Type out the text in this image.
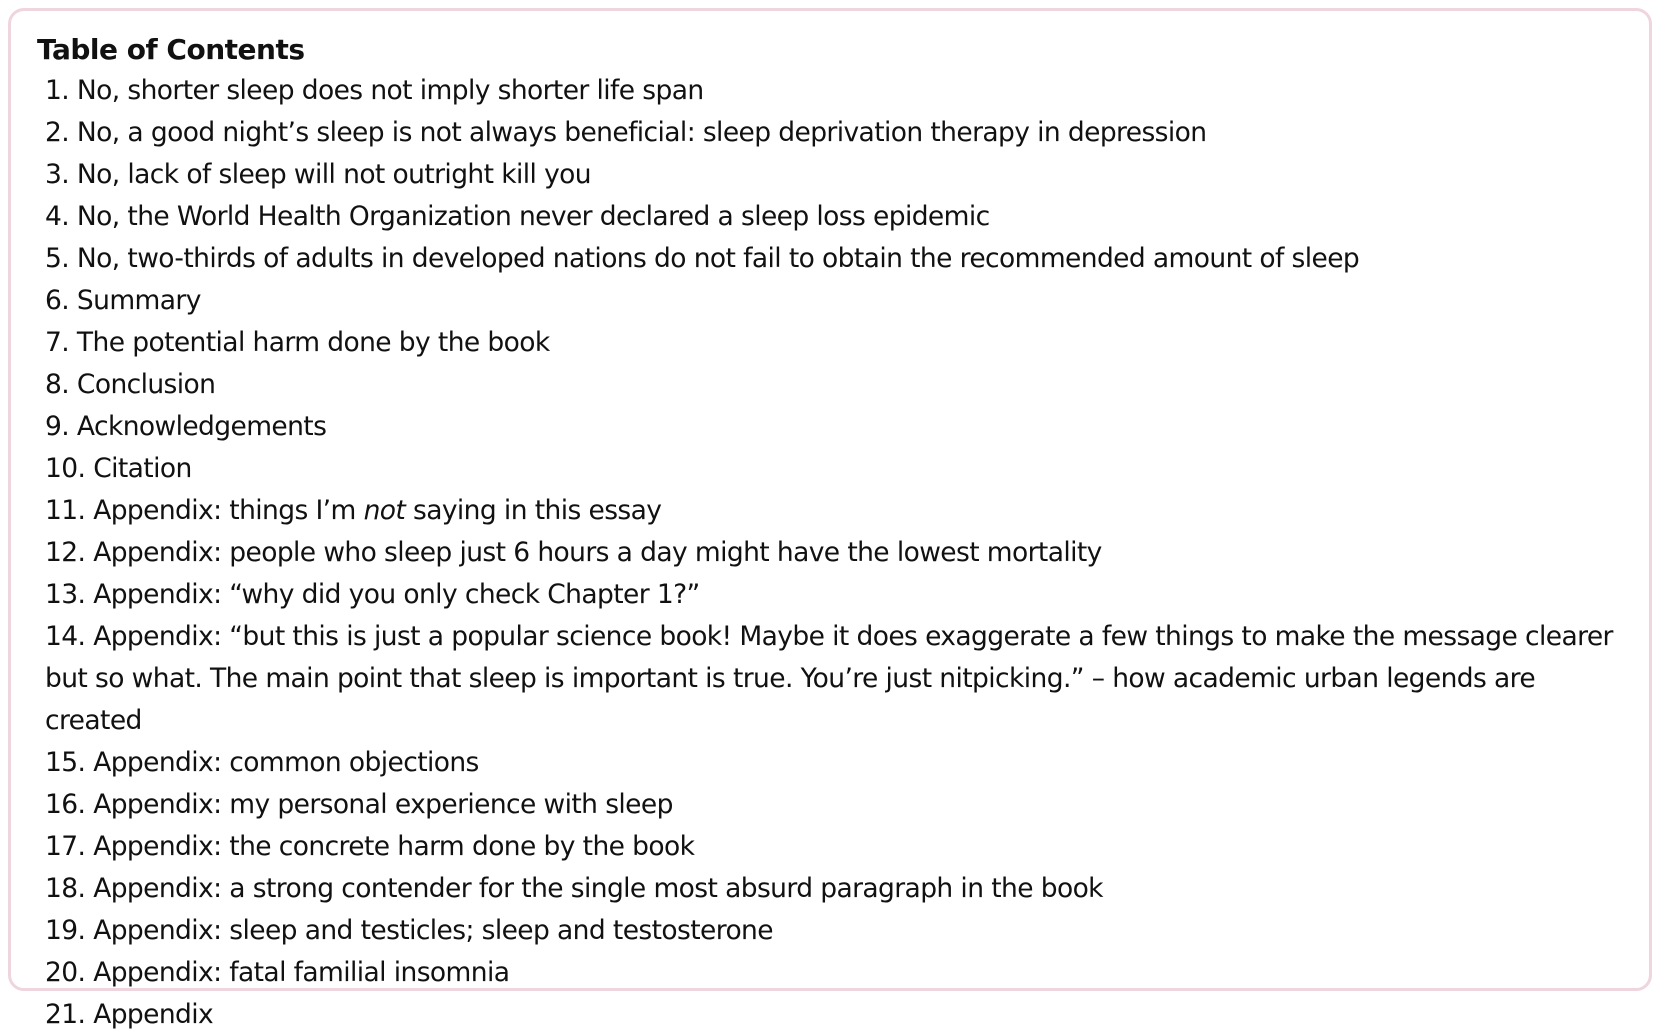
Table of Contents
1. No, shorter sleep does not imply shorter life span
2. No, a good night’s sleep is not always beneficial: sleep deprivation therapy in depression
3. No, lack of sleep will not outright kill you
4. No, the World Health Organization never declared a sleep loss epidemic
5. No, two-thirds of adults in developed nations do not fail to obtain the recommended amount of sleep
6. Summary
7. The potential harm done by the book
8. Conclusion
9. Acknowledgements
10. Citation
11. Appendix: things I’m not saying in this essay
12. Appendix: people who sleep just 6 hours a day might have the lowest mortality
13. Appendix: “why did you only check Chapter 1?”
14. Appendix: “but this is just a popular science book! Maybe it does exaggerate a few things to make the message clearer but so what. The main point that sleep is important is true. You’re just nitpicking.” – how academic urban legends are created
15. Appendix: common objections
16. Appendix: my personal experience with sleep
17. Appendix: the concrete harm done by the book
18. Appendix: a strong contender for the single most absurd paragraph in the book
19. Appendix: sleep and testicles; sleep and testosterone
20. Appendix: fatal familial insomnia
21. Appendix
